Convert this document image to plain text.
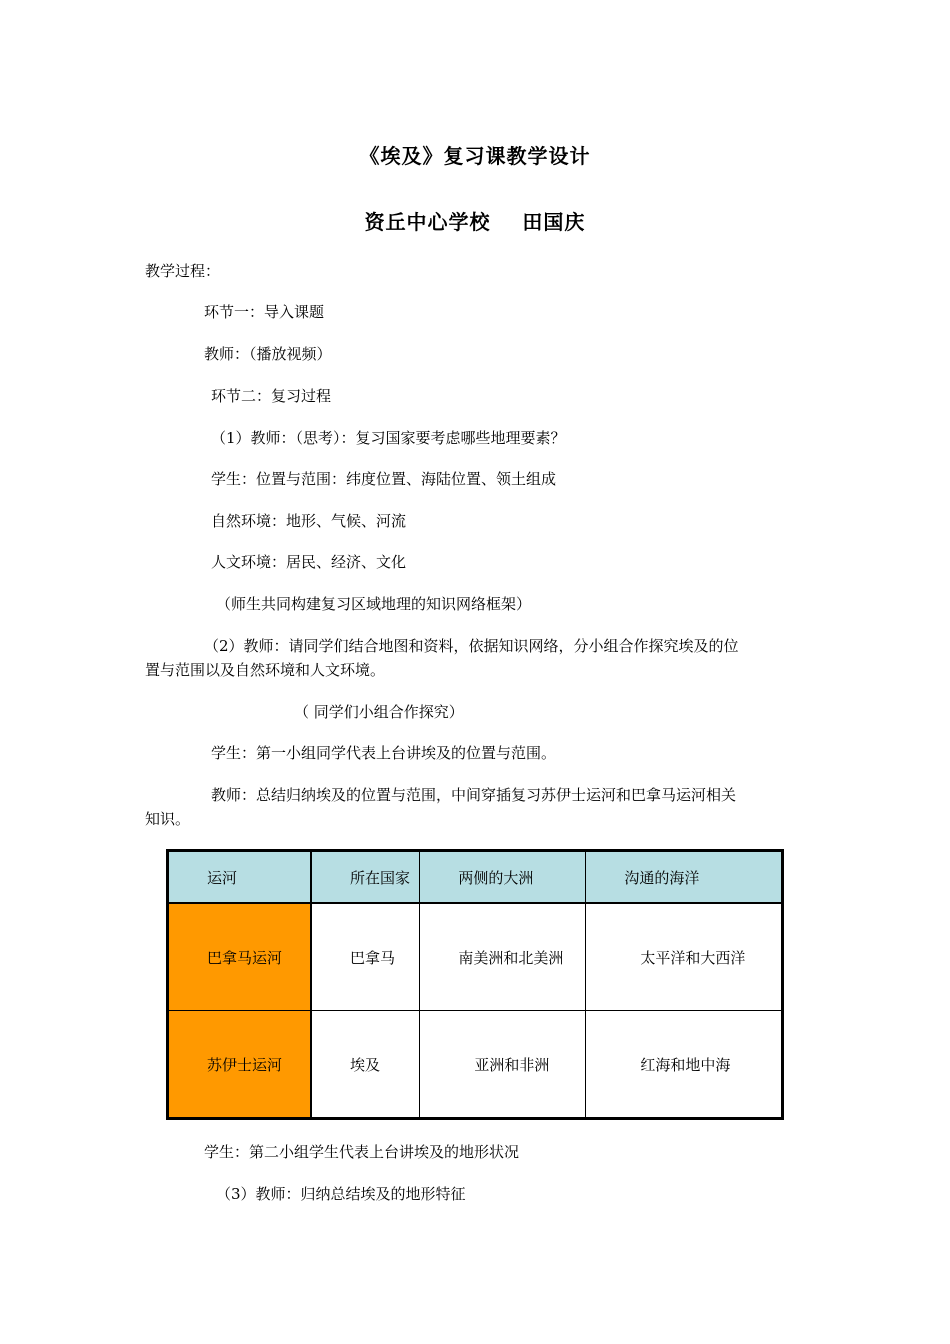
《埃及》复习课教学设计
资丘中心学校    田国庆
教学过程：
环节一：导入课题
教师：（播放视频）
环节二：复习过程
（1）教师：（思考）：复习国家要考虑哪些地理要素？
学生：位置与范围：纬度位置、海陆位置、领土组成
自然环境：地形、气候、河流
人文环境：居民、经济、文化
（师生共同构建复习区域地理的知识网络框架）
（2）教师：请同学们结合地图和资料，依据知识网络，分小组合作探究埃及的位
置与范围以及自然环境和人文环境。
（ 同学们小组合作探究）
学生：第一小组同学代表上台讲埃及的位置与范围。
教师：总结归纳埃及的位置与范围，中间穿插复习苏伊士运河和巴拿马运河相关
知识。
运河	所在国家	两侧的大洲	沟通的海洋
巴拿马运河	巴拿马	南美洲和北美洲	太平洋和大西洋
苏伊士运河	埃及	亚洲和非洲	红海和地中海
学生：第二小组学生代表上台讲埃及的地形状况
（3）教师：归纳总结埃及的地形特征
